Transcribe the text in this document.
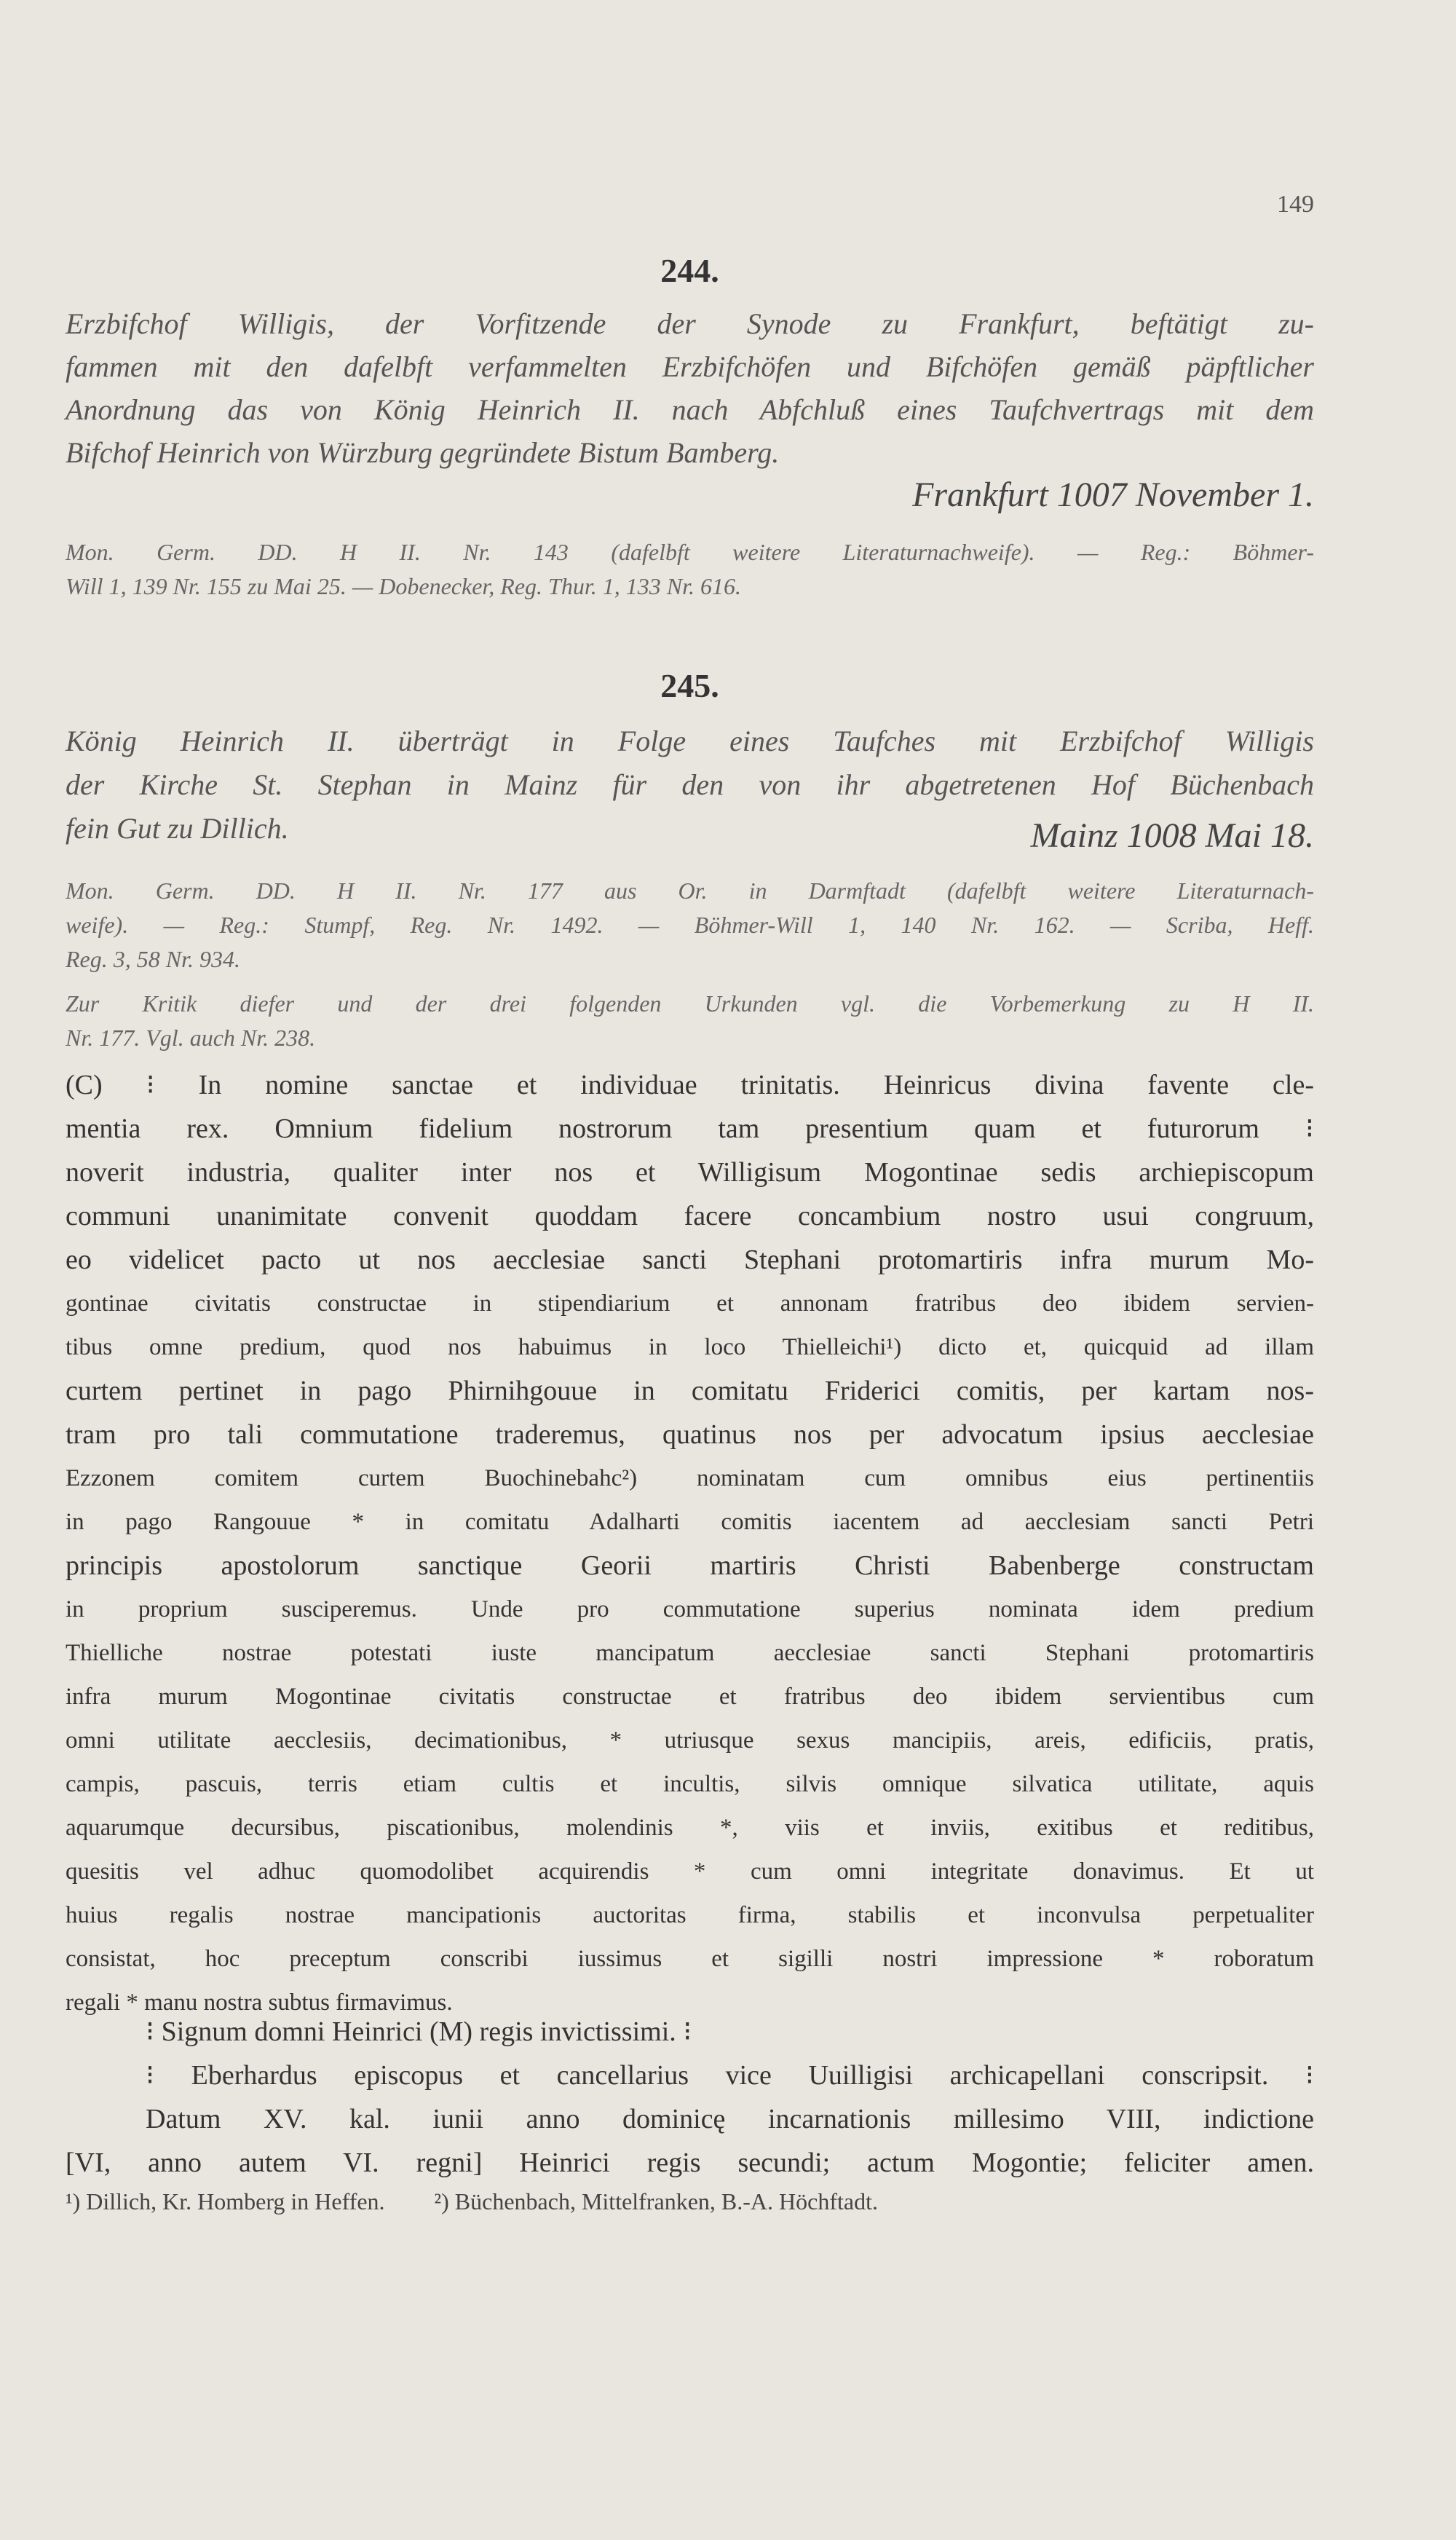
149
244.

Erzbifchof Willigis, der Vorfitzende der Synode zu Frankfurt, beftätigt zu-

fammen mit den dafelbft verfammelten Erzbifchöfen und Bifchöfen gemäß päpftlicher

Anordnung das von König Heinrich II. nach Abfchluß eines Taufchvertrags mit dem

Bifchof Heinrich von Würzburg gegründete Bistum Bamberg.

Frankfurt 1007 November 1.
Mon. Germ. DD. H II. Nr. 143 (dafelbft weitere Literaturnachweife). — Reg.: Böhmer-
Will 1, 139 Nr. 155 zu Mai 25. — Dobenecker, Reg. Thur. 1, 133 Nr. 616.
245.

König Heinrich II. überträgt in Folge eines Taufches mit Erzbifchof Willigis

der Kirche St. Stephan in Mainz für den von ihr abgetretenen Hof Büchenbach

fein Gut zu Dillich.	Mainz 1008 Mai 18.
Mon. Germ. DD. H II. Nr. 177 aus Or. in Darmftadt (dafelbft weitere Literaturnach-
weife). — Reg.: Stumpf, Reg. Nr. 1492. — Böhmer-Will 1, 140 Nr. 162. — Scriba, Heff.
Reg. 3, 58 Nr. 934.
Zur Kritik diefer und der drei folgenden Urkunden vgl. die Vorbemerkung zu H II.
Nr. 177. Vgl. auch Nr. 238.
(C) ⁝ In nomine sanctae et individuae trinitatis. Heinricus divina favente cle-
mentia rex. Omnium fidelium nostrorum tam presentium quam et futurorum ⁝
noverit industria, qualiter inter nos et Willigisum Mogontinae sedis archiepiscopum
communi unanimitate convenit quoddam facere concambium nostro usui congruum,
eo videlicet pacto ut nos aecclesiae sancti Stephani protomartiris infra murum Mo-
gontinae civitatis constructae in stipendiarium et annonam fratribus deo ibidem servien-
tibus omne predium, quod nos habuimus in loco Thielleichi¹) dicto et, quicquid ad illam
curtem pertinet in pago Phirnihgouue in comitatu Friderici comitis, per kartam nos-
tram pro tali commutatione traderemus, quatinus nos per advocatum ipsius aecclesiae
Ezzonem comitem curtem Buochinebahc²) nominatam cum omnibus eius pertinentiis
in pago Rangouue * in comitatu Adalharti comitis iacentem ad aecclesiam sancti Petri
principis apostolorum sanctique Georii martiris Christi Babenberge constructam
in proprium susciperemus. Unde pro commutatione superius nominata idem predium
Thielliche nostrae potestati iuste mancipatum aecclesiae sancti Stephani protomartiris
infra murum Mogontinae civitatis constructae et fratribus deo ibidem servientibus cum
omni utilitate aecclesiis, decimationibus, * utriusque sexus mancipiis, areis, edificiis, pratis,
campis, pascuis, terris etiam cultis et incultis, silvis omnique silvatica utilitate, aquis
aquarumque decursibus, piscationibus, molendinis *, viis et inviis, exitibus et reditibus,
quesitis vel adhuc quomodolibet acquirendis * cum omni integritate donavimus. Et ut
huius regalis nostrae mancipationis auctoritas firma, stabilis et inconvulsa perpetualiter
consistat, hoc preceptum conscribi iussimus et sigilli nostri impressione * roboratum
regali * manu nostra subtus firmavimus.
⁝ Signum domni Heinrici (M) regis invictissimi. ⁝
⁝ Eberhardus episcopus et cancellarius vice Uuilligisi archicapellani conscripsit. ⁝
Datum XV. kal. iunii anno dominicę incarnationis millesimo VIII, indictione
[VI, anno autem VI. regni] Heinrici regis secundi; actum Mogontie; feliciter amen.
¹) Dillich, Kr. Homberg in Heffen. ²) Büchenbach, Mittelfranken, B.-A. Höchftadt.
